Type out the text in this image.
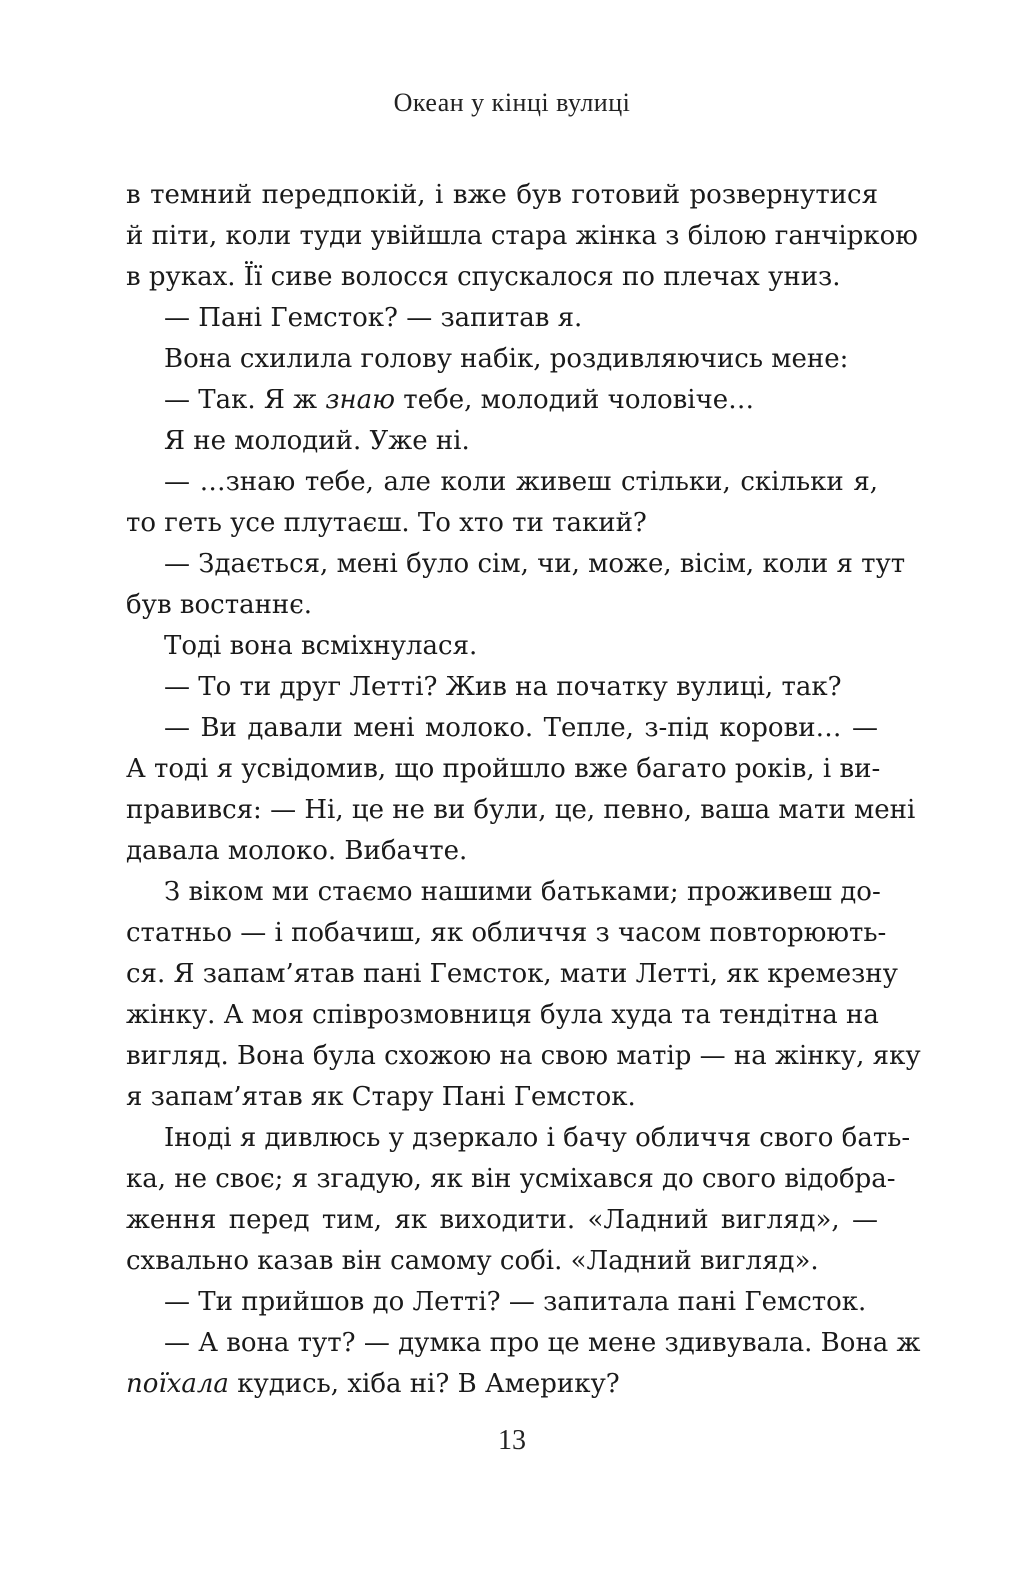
Океан у кінці вулиці
в темний передпокій, і вже був готовий розвернутися
й піти, коли туди увійшла стара жінка з білою ганчіркою
в руках. Її сиве волосся спускалося по плечах униз.
— Пані Гемсток? — запитав я.
Вона схилила голову набік, роздивляючись мене:
— Так. Я ж знаю тебе, молодий чоловіче…
Я не молодий. Уже ні.
— …знаю тебе, але коли живеш стільки, скільки я,
то геть усе плутаєш. То хто ти такий?
— Здається, мені було сім, чи, може, вісім, коли я тут
був востаннє.
Тоді вона всміхнулася.
— То ти друг Летті? Жив на початку вулиці, так?
— Ви давали мені молоко. Тепле, з-під корови… —
А тоді я усвідомив, що пройшло вже багато років, і ви-
правився: — Ні, це не ви були, це, певно, ваша мати мені
давала молоко. Вибачте.
З віком ми стаємо нашими батьками; проживеш до-
статньо — і побачиш, як обличчя з часом повторюють-
ся. Я запам’ятав пані Гемсток, мати Летті, як кремезну
жінку. А моя співрозмовниця була худа та тендітна на
вигляд. Вона була схожою на свою матір — на жінку, яку
я запам’ятав як Стару Пані Гемсток.
Іноді я дивлюсь у дзеркало і бачу обличчя свого бать-
ка, не своє; я згадую, як він усміхався до свого відобра-
ження перед тим, як виходити. «Ладний вигляд», —
схвально казав він самому собі. «Ладний вигляд».
— Ти прийшов до Летті? — запитала пані Гемсток.
— А вона тут? — думка про це мене здивувала. Вона ж
поїхала кудись, хіба ні? В Америку?
13
